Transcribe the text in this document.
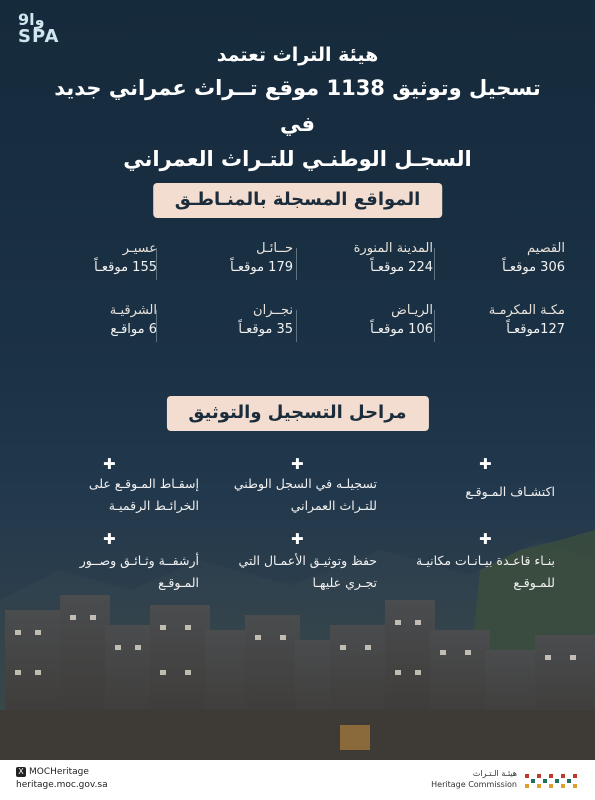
وا9
SPA
هيئة التراث تعتمد
تسجيل وتوثيق 1138 موقع تــراث عمراني جديد في
السجـل الوطنـي للتـراث العمراني
المواقع المسجلة بالمنـاطـق
القصيم
306 موقعـاً
المدينة المنورة
224 موقعـاً
حــائـل
179 موقعـاً
عسيـر
155 موقعـاً
مكـة المكرمـة
127موقعـاً
الريـاض
106 موقعـاً
نجــران
35 موقعـاً
الشرقيـة
6 مواقـع
مراحل التسجيل والتوثيق
✚
✚
✚
اكتشـاف المـوقـع
تسجيلـه في السجل الوطني للتـراث العمراني
إسقـاط المـوقـع على الخرائـط الرقميـة
✚
✚
✚
بنـاء قاعـدة بيـانـات مكانيـة للمـوقـع
حفظ وتوثيـق الأعمـال التي تجـري عليهـا
أرشفــة وثـائـق وصــور المـوقـع
X MOCHeritage
heritage.moc.gov.sa
هيئـة الـتـراث
Heritage Commission
